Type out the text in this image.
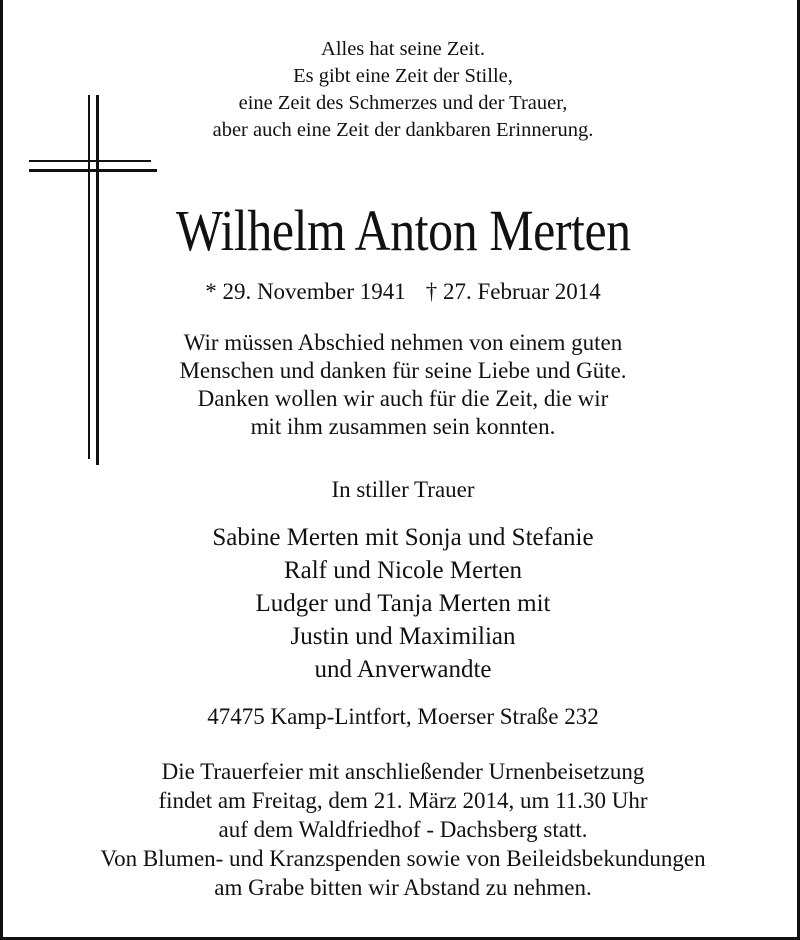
Alles hat seine Zeit.
Es gibt eine Zeit der Stille,
eine Zeit des Schmerzes und der Trauer,
aber auch eine Zeit der dankbaren Erinnerung.
Wilhelm Anton Merten
* 29. November 1941 † 27. Februar 2014
Wir müssen Abschied nehmen von einem guten
Menschen und danken für seine Liebe und Güte.
Danken wollen wir auch für die Zeit, die wir
mit ihm zusammen sein konnten.
In stiller Trauer
Sabine Merten mit Sonja und Stefanie
Ralf und Nicole Merten
Ludger und Tanja Merten mit
Justin und Maximilian
und Anverwandte
47475 Kamp-Lintfort, Moerser Straße 232
Die Trauerfeier mit anschließender Urnenbeisetzung
findet am Freitag, dem 21. März 2014, um 11.30 Uhr
auf dem Waldfriedhof - Dachsberg statt.
Von Blumen- und Kranzspenden sowie von Beileidsbekundungen
am Grabe bitten wir Abstand zu nehmen.
